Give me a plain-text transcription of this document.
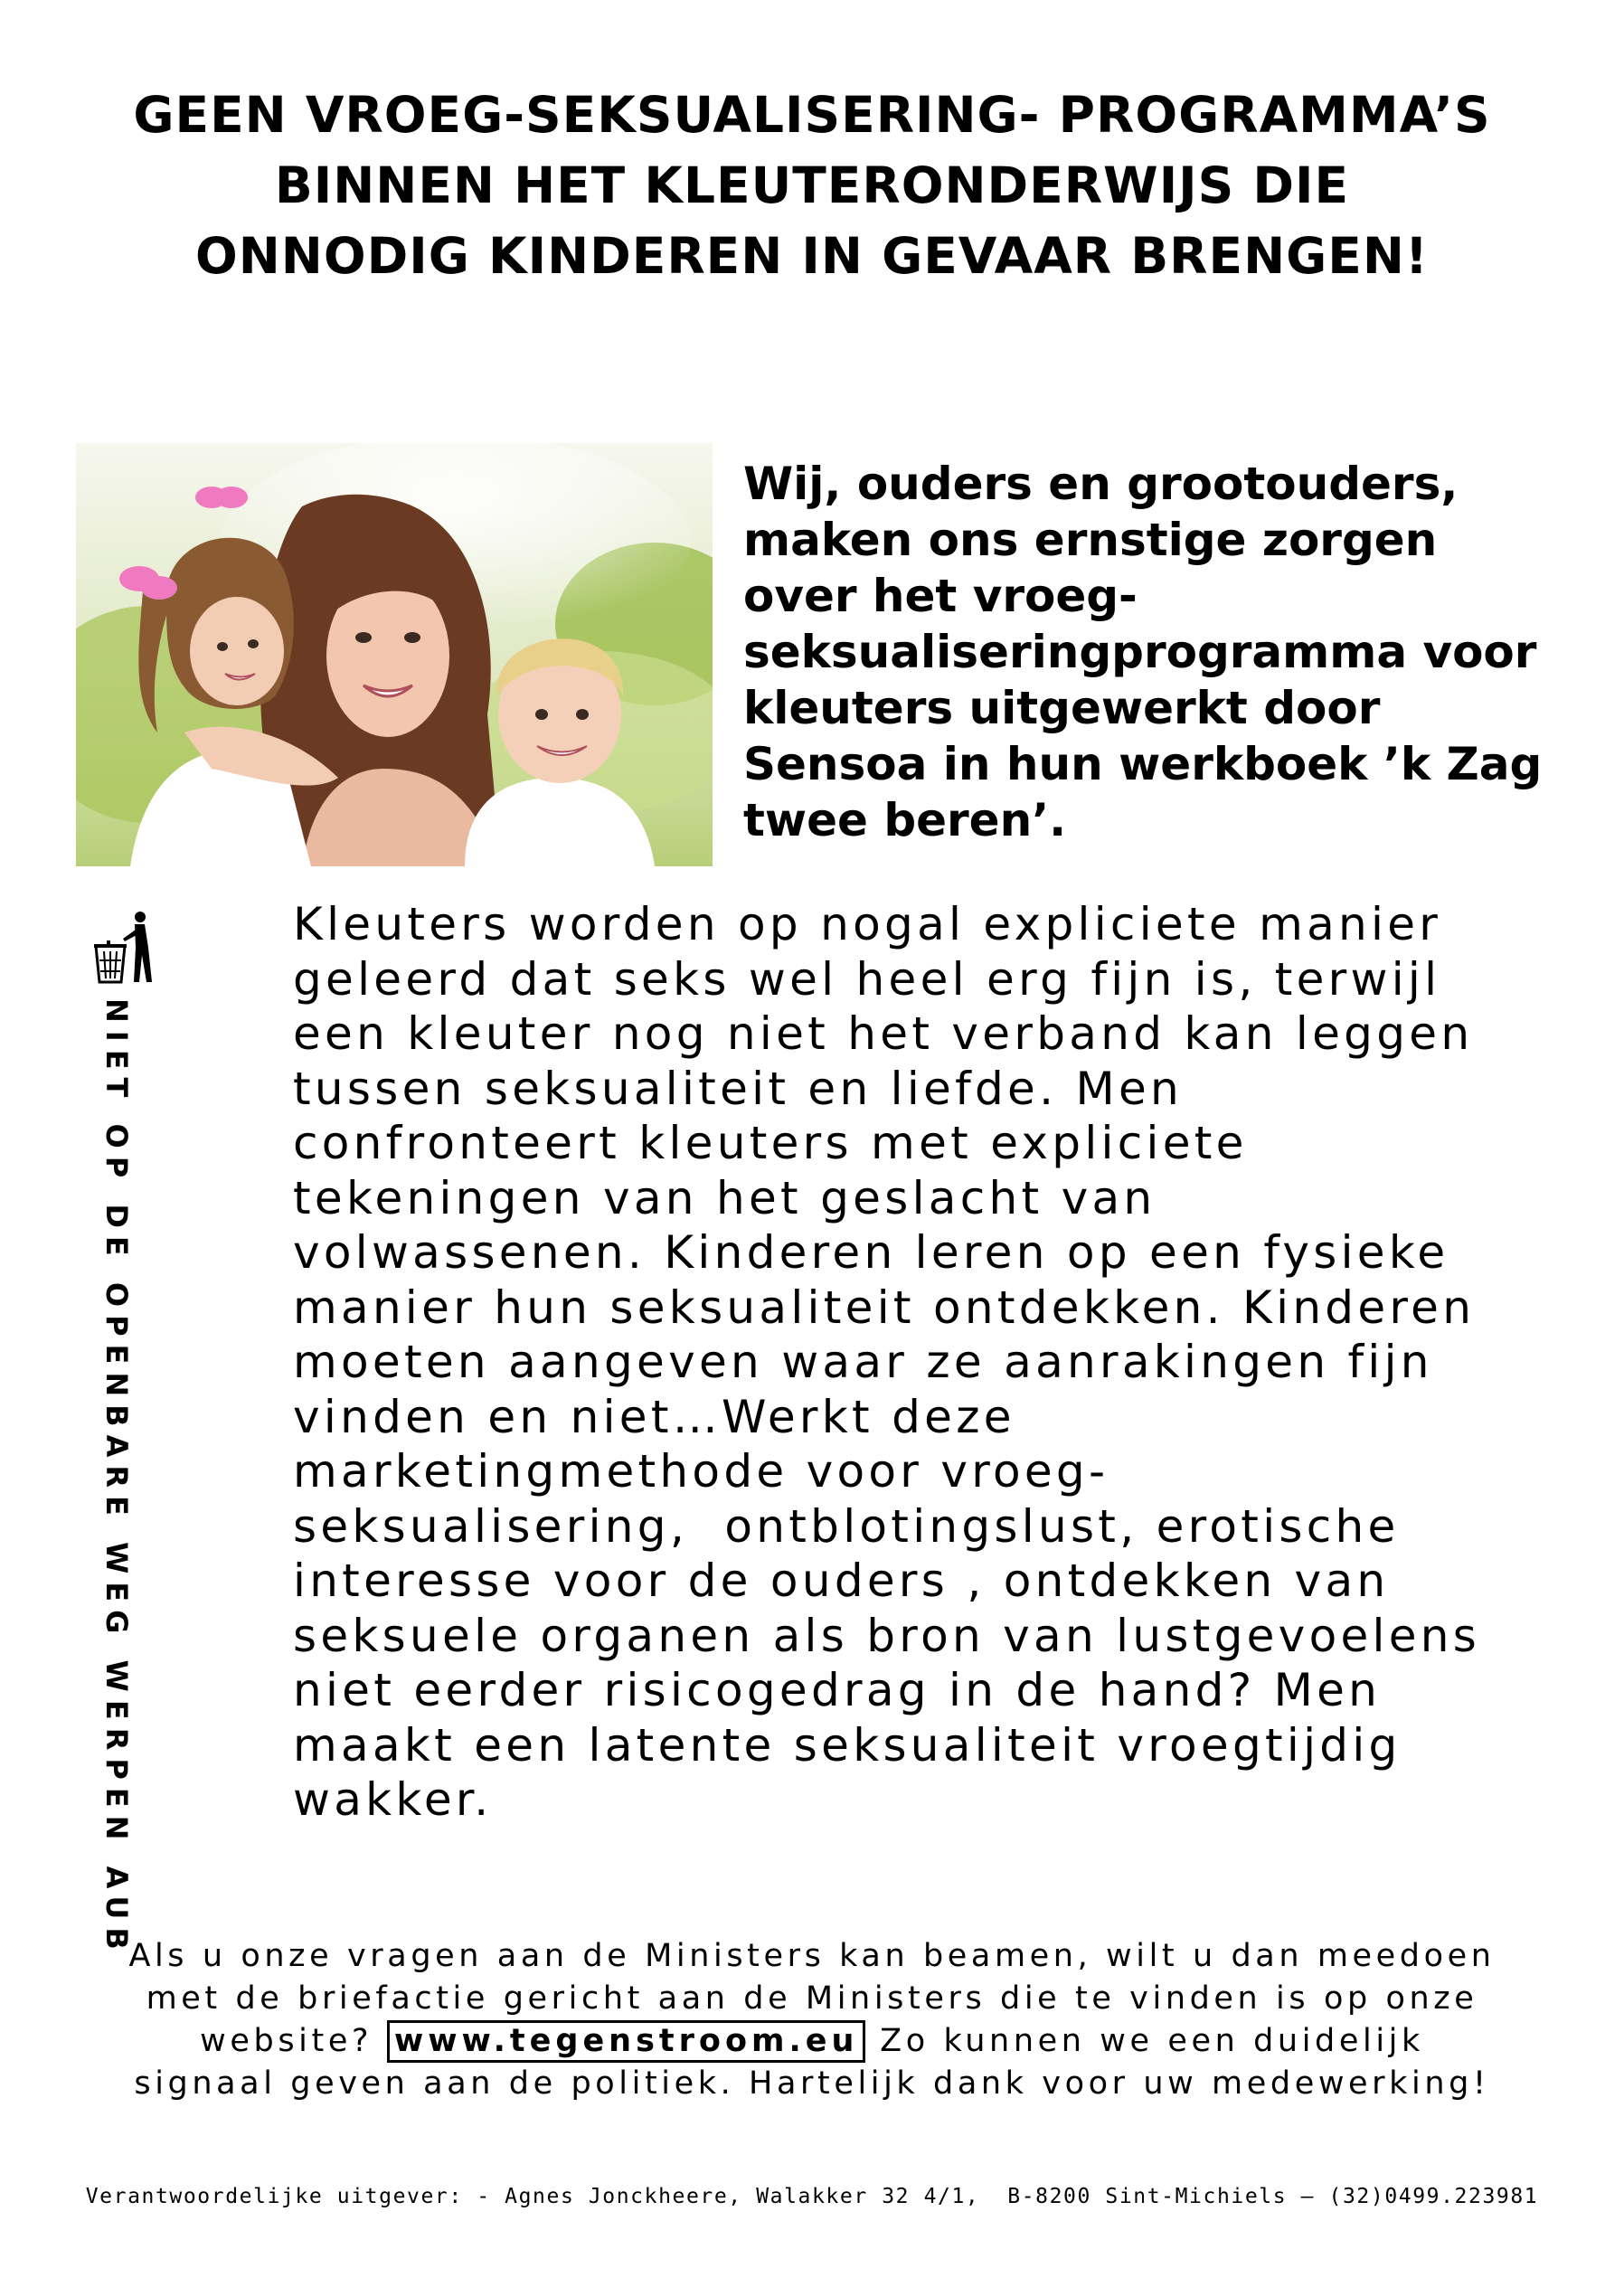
GEEN VROEG-SEKSUALISERING- PROGRAMMA’S
BINNEN HET KLEUTERONDERWIJS DIE
ONNODIG KINDEREN IN GEVAAR BRENGEN!
Wij, ouders en grootouders,
maken ons ernstige zorgen
over het vroeg-
seksualiseringprogramma voor
kleuters uitgewerkt door
Sensoa in hun werkboek ’k Zag
twee beren’.
NIET OP DE OPENBARE WEG WERPEN AUB
Kleuters worden op nogal expliciete manier
geleerd dat seks wel heel erg fijn is, terwijl
een kleuter nog niet het verband kan leggen
tussen seksualiteit en liefde. Men
confronteert kleuters met expliciete
tekeningen van het geslacht van
volwassenen. Kinderen leren op een fysieke
manier hun seksualiteit ontdekken. Kinderen
moeten aangeven waar ze aanrakingen fijn
vinden en niet…Werkt deze
marketingmethode voor vroeg-
seksualisering,  ontblotingslust, erotische
interesse voor de ouders , ontdekken van
seksuele organen als bron van lustgevoelens
niet eerder risicogedrag in de hand? Men
maakt een latente seksualiteit vroegtijdig
wakker.
Als u onze vragen aan de Ministers kan beamen, wilt u dan meedoen
met de briefactie gericht aan de Ministers die te vinden is op onze
website? www.tegenstroom.eu Zo kunnen we een duidelijk
signaal geven aan de politiek. Hartelijk dank voor uw medewerking!
Verantwoordelijke uitgever: - Agnes Jonckheere, Walakker 32 4/1,  B-8200 Sint-Michiels – (32)0499.223981
